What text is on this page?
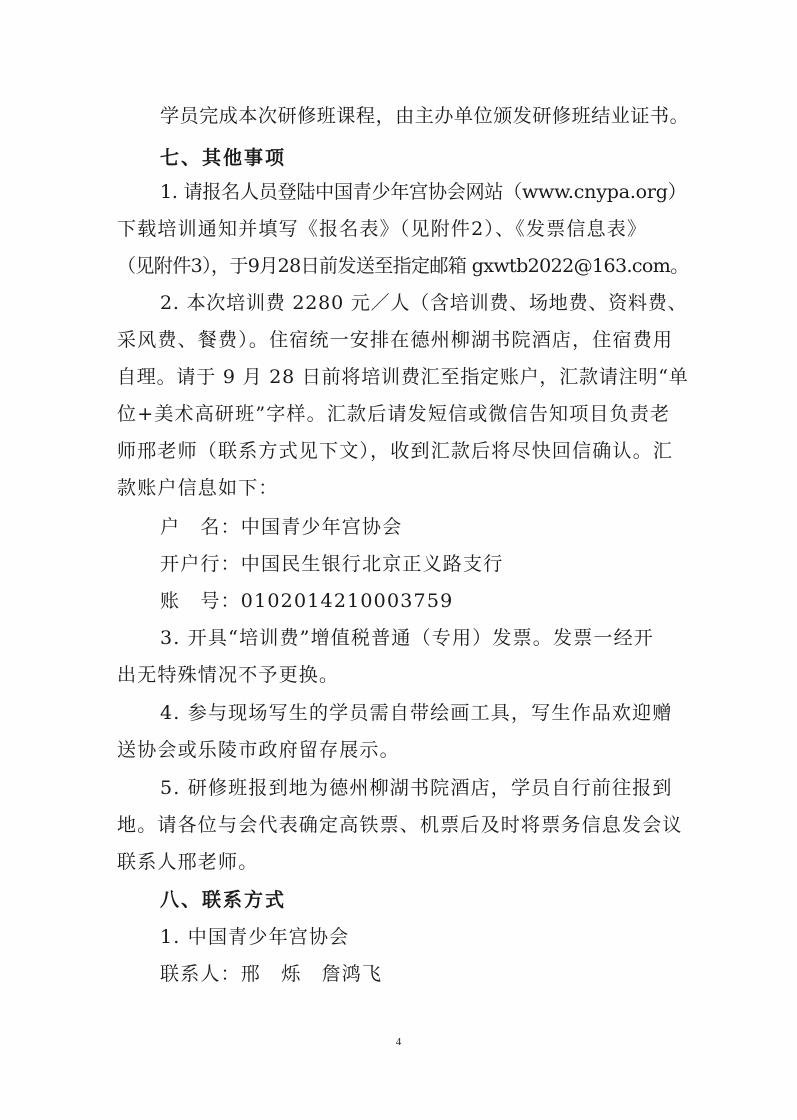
学员完成本次研修班课程，由主办单位颁发研修班结业证书。
七、其他事项
1. 请报名人员登陆中国青少年宫协会网站（www.cnypa.org）
下载培训通知并填写《报名表》（见附件2）、《发票信息表》
（见附件3），于9月28日前发送至指定邮箱 gxwtb2022@163.com。
2. 本次培训费 2280 元／人（含培训费、场地费、资料费、
采风费、餐费）。住宿统一安排在德州柳湖书院酒店，住宿费用
自理。请于 9 月 28 日前将培训费汇至指定账户，汇款请注明“单
位+美术高研班”字样。汇款后请发短信或微信告知项目负责老
师邢老师（联系方式见下文），收到汇款后将尽快回信确认。汇
款账户信息如下：
户　名：中国青少年宫协会
开户行：中国民生银行北京正义路支行
账　号：0102014210003759
3. 开具“培训费”增值税普通（专用）发票。发票一经开
出无特殊情况不予更换。
4. 参与现场写生的学员需自带绘画工具，写生作品欢迎赠
送协会或乐陵市政府留存展示。
5. 研修班报到地为德州柳湖书院酒店，学员自行前往报到
地。请各位与会代表确定高铁票、机票后及时将票务信息发会议
联系人邢老师。
八、联系方式
1. 中国青少年宫协会
联系人：邢　烁　詹鸿飞
4
